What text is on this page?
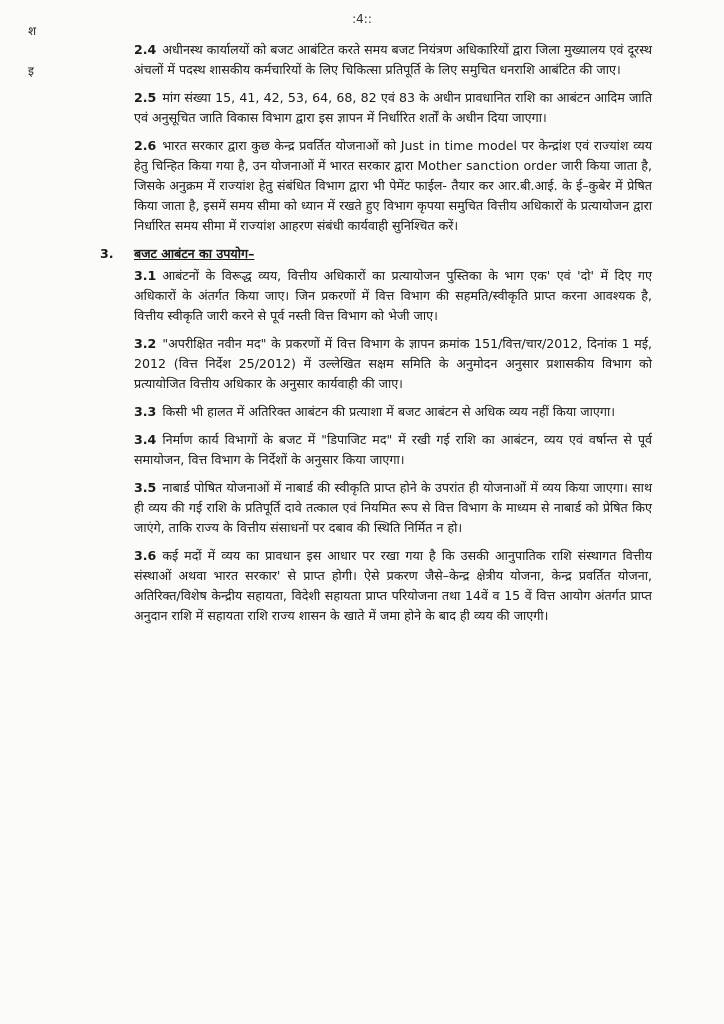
:4::
श
इ

2.4 अधीनस्थ कार्यालयों को बजट आबंटित करते समय बजट नियंत्रण अधिकारियों द्वारा जिला मुख्यालय एवं दूरस्थ अंचलों में पदस्थ शासकीय कर्मचारियों के लिए चिकित्सा प्रतिपूर्ति के लिए समुचित धनराशि आबंटित की जाए।

2.5 मांग संख्या 15, 41, 42, 53, 64, 68, 82 एवं 83 के अधीन प्रावधानित राशि का आबंटन आदिम जाति एवं अनुसूचित जाति विकास विभाग द्वारा इस ज्ञापन में निर्धारित शर्तों के अधीन दिया जाएगा।

2.6 भारत सरकार द्वारा कुछ केन्द्र प्रवर्तित योजनाओं को Just in time model पर केन्द्रांश एवं राज्यांश व्यय हेतु चिन्हित किया गया है, उन योजनाओं में भारत सरकार द्वारा Mother sanction order जारी किया जाता है, जिसके अनुक्रम में राज्यांश हेतु संबंधित विभाग द्वारा भी पेमेंट फाईल- तैयार कर आर.बी.आई. के ई–कुबेर में प्रेषित किया जाता है, इसमें समय सीमा को ध्यान में रखते हुए विभाग कृपया समुचित वित्तीय अधिकारों के प्रत्यायोजन द्वारा निर्धारित समय सीमा में राज्यांश आहरण संबंधी कार्यवाही सुनिश्चित करें।

3. बजट आबंटन का उपयोग–

3.1 आबंटनों के विरूद्ध व्यय, वित्तीय अधिकारों का प्रत्यायोजन पुस्तिका के भाग एक' एवं 'दो' में दिए गए अधिकारों के अंतर्गत किया जाए। जिन प्रकरणों में वित्त विभाग की सहमति/स्वीकृति प्राप्त करना आवश्यक है, वित्तीय स्वीकृति जारी करने से पूर्व नस्ती वित्त विभाग को भेजी जाए।

3.2 "अपरीक्षित नवीन मद" के प्रकरणों में वित्त विभाग के ज्ञापन क्रमांक 151/वित्त/चार/2012, दिनांक 1 मई, 2012 (वित्त निर्देश 25/2012) में उल्लेखित सक्षम समिति के अनुमोदन अनुसार प्रशासकीय विभाग को प्रत्यायोजित वित्तीय अधिकार के अनुसार कार्यवाही की जाए।

3.3 किसी भी हालत में अतिरिक्त आबंटन की प्रत्याशा में बजट आबंटन से अधिक व्यय नहीं किया जाएगा।

3.4 निर्माण कार्य विभागों के बजट में "डिपाजिट मद" में रखी गई राशि का आबंटन, व्यय एवं वर्षान्त से पूर्व समायोजन, वित्त विभाग के निर्देशों के अनुसार किया जाएगा।

3.5 नाबार्ड पोषित योजनाओं में नाबार्ड की स्वीकृति प्राप्त होने के उपरांत ही योजनाओं में व्यय किया जाएगा। साथ ही व्यय की गई राशि के प्रतिपूर्ति दावे तत्काल एवं नियमित रूप से वित्त विभाग के माध्यम से नाबार्ड को प्रेषित किए जाएंगे, ताकि राज्य के वित्तीय संसाधनों पर दबाव की स्थिति निर्मित न हो।

3.6 कई मदों में व्यय का प्रावधान इस आधार पर रखा गया है कि उसकी आनुपातिक राशि संस्थागत वित्तीय संस्थाओं अथवा भारत सरकार' से प्राप्त होगी। ऐसे प्रकरण जैसे–केन्द्र क्षेत्रीय योजना, केन्द्र प्रवर्तित योजना, अतिरिक्त/विशेष केन्द्रीय सहायता, विदेशी सहायता प्राप्त परियोजना तथा 14वें व 15 वें वित्त आयोग अंतर्गत प्राप्त अनुदान राशि में सहायता राशि राज्य शासन के खाते में जमा होने के बाद ही व्यय की जाएगी।
